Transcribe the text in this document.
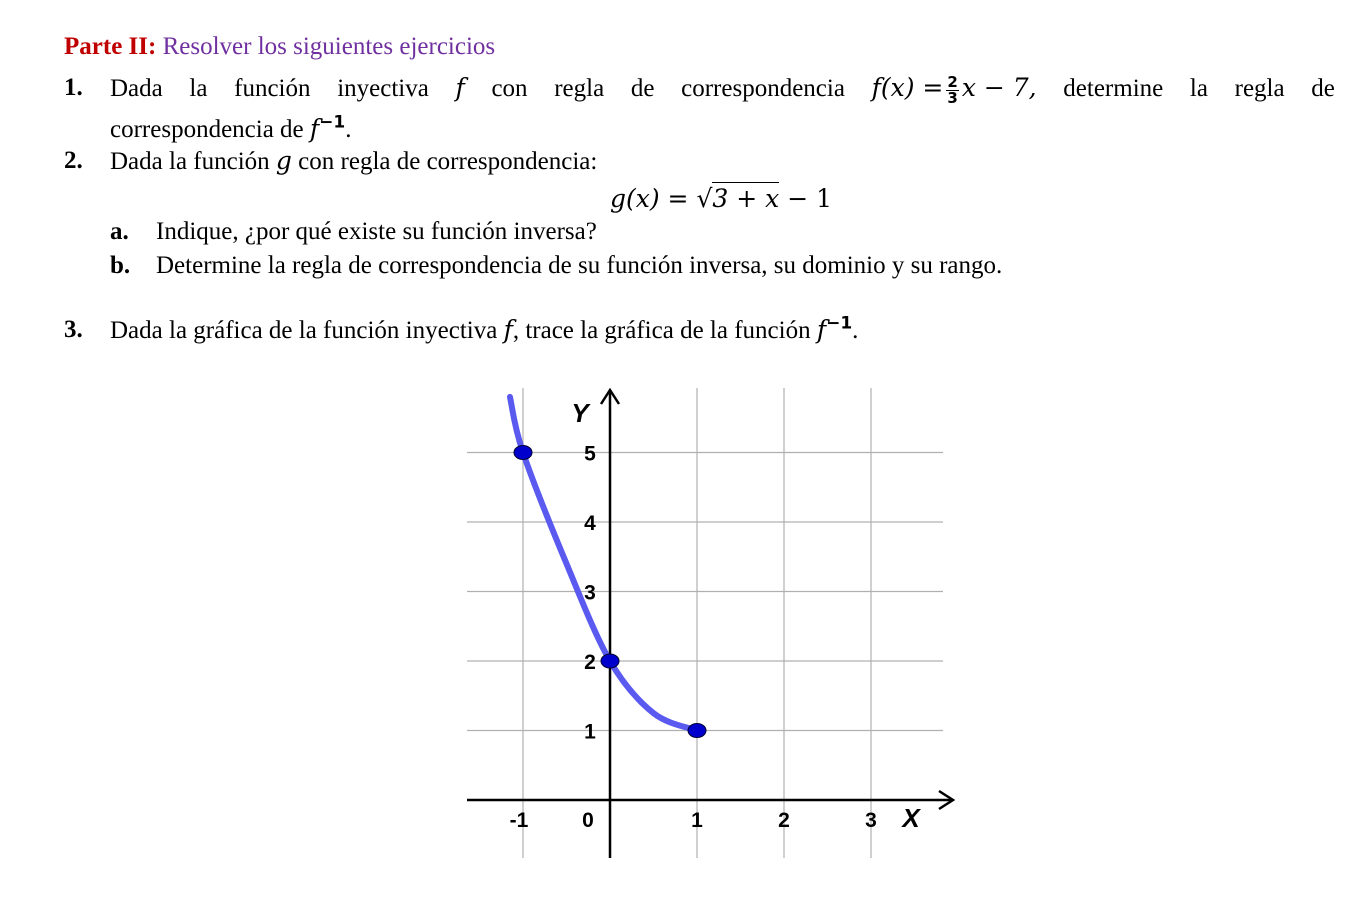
Parte II: Resolver los siguientes ejercicios
1. Dada la función inyectiva f con regla de correspondencia $f(x) = \frac{2}{3}$ x − 7, determine la regla de
correspondencia de $f^{-1}$.
2. Dada la función g con regla de correspondencia:
g(x) = √3 + x − 1
a. Indique, ¿por qué existe su función inversa?
b. Determine la regla de correspondencia de su función inversa, su dominio y su rango.
3. Dada la gráfica de la función inyectiva f, trace la gráfica de la función $f^{-1}$.
-1	0	1	2	3
1
2
3
4
5
X
Y
